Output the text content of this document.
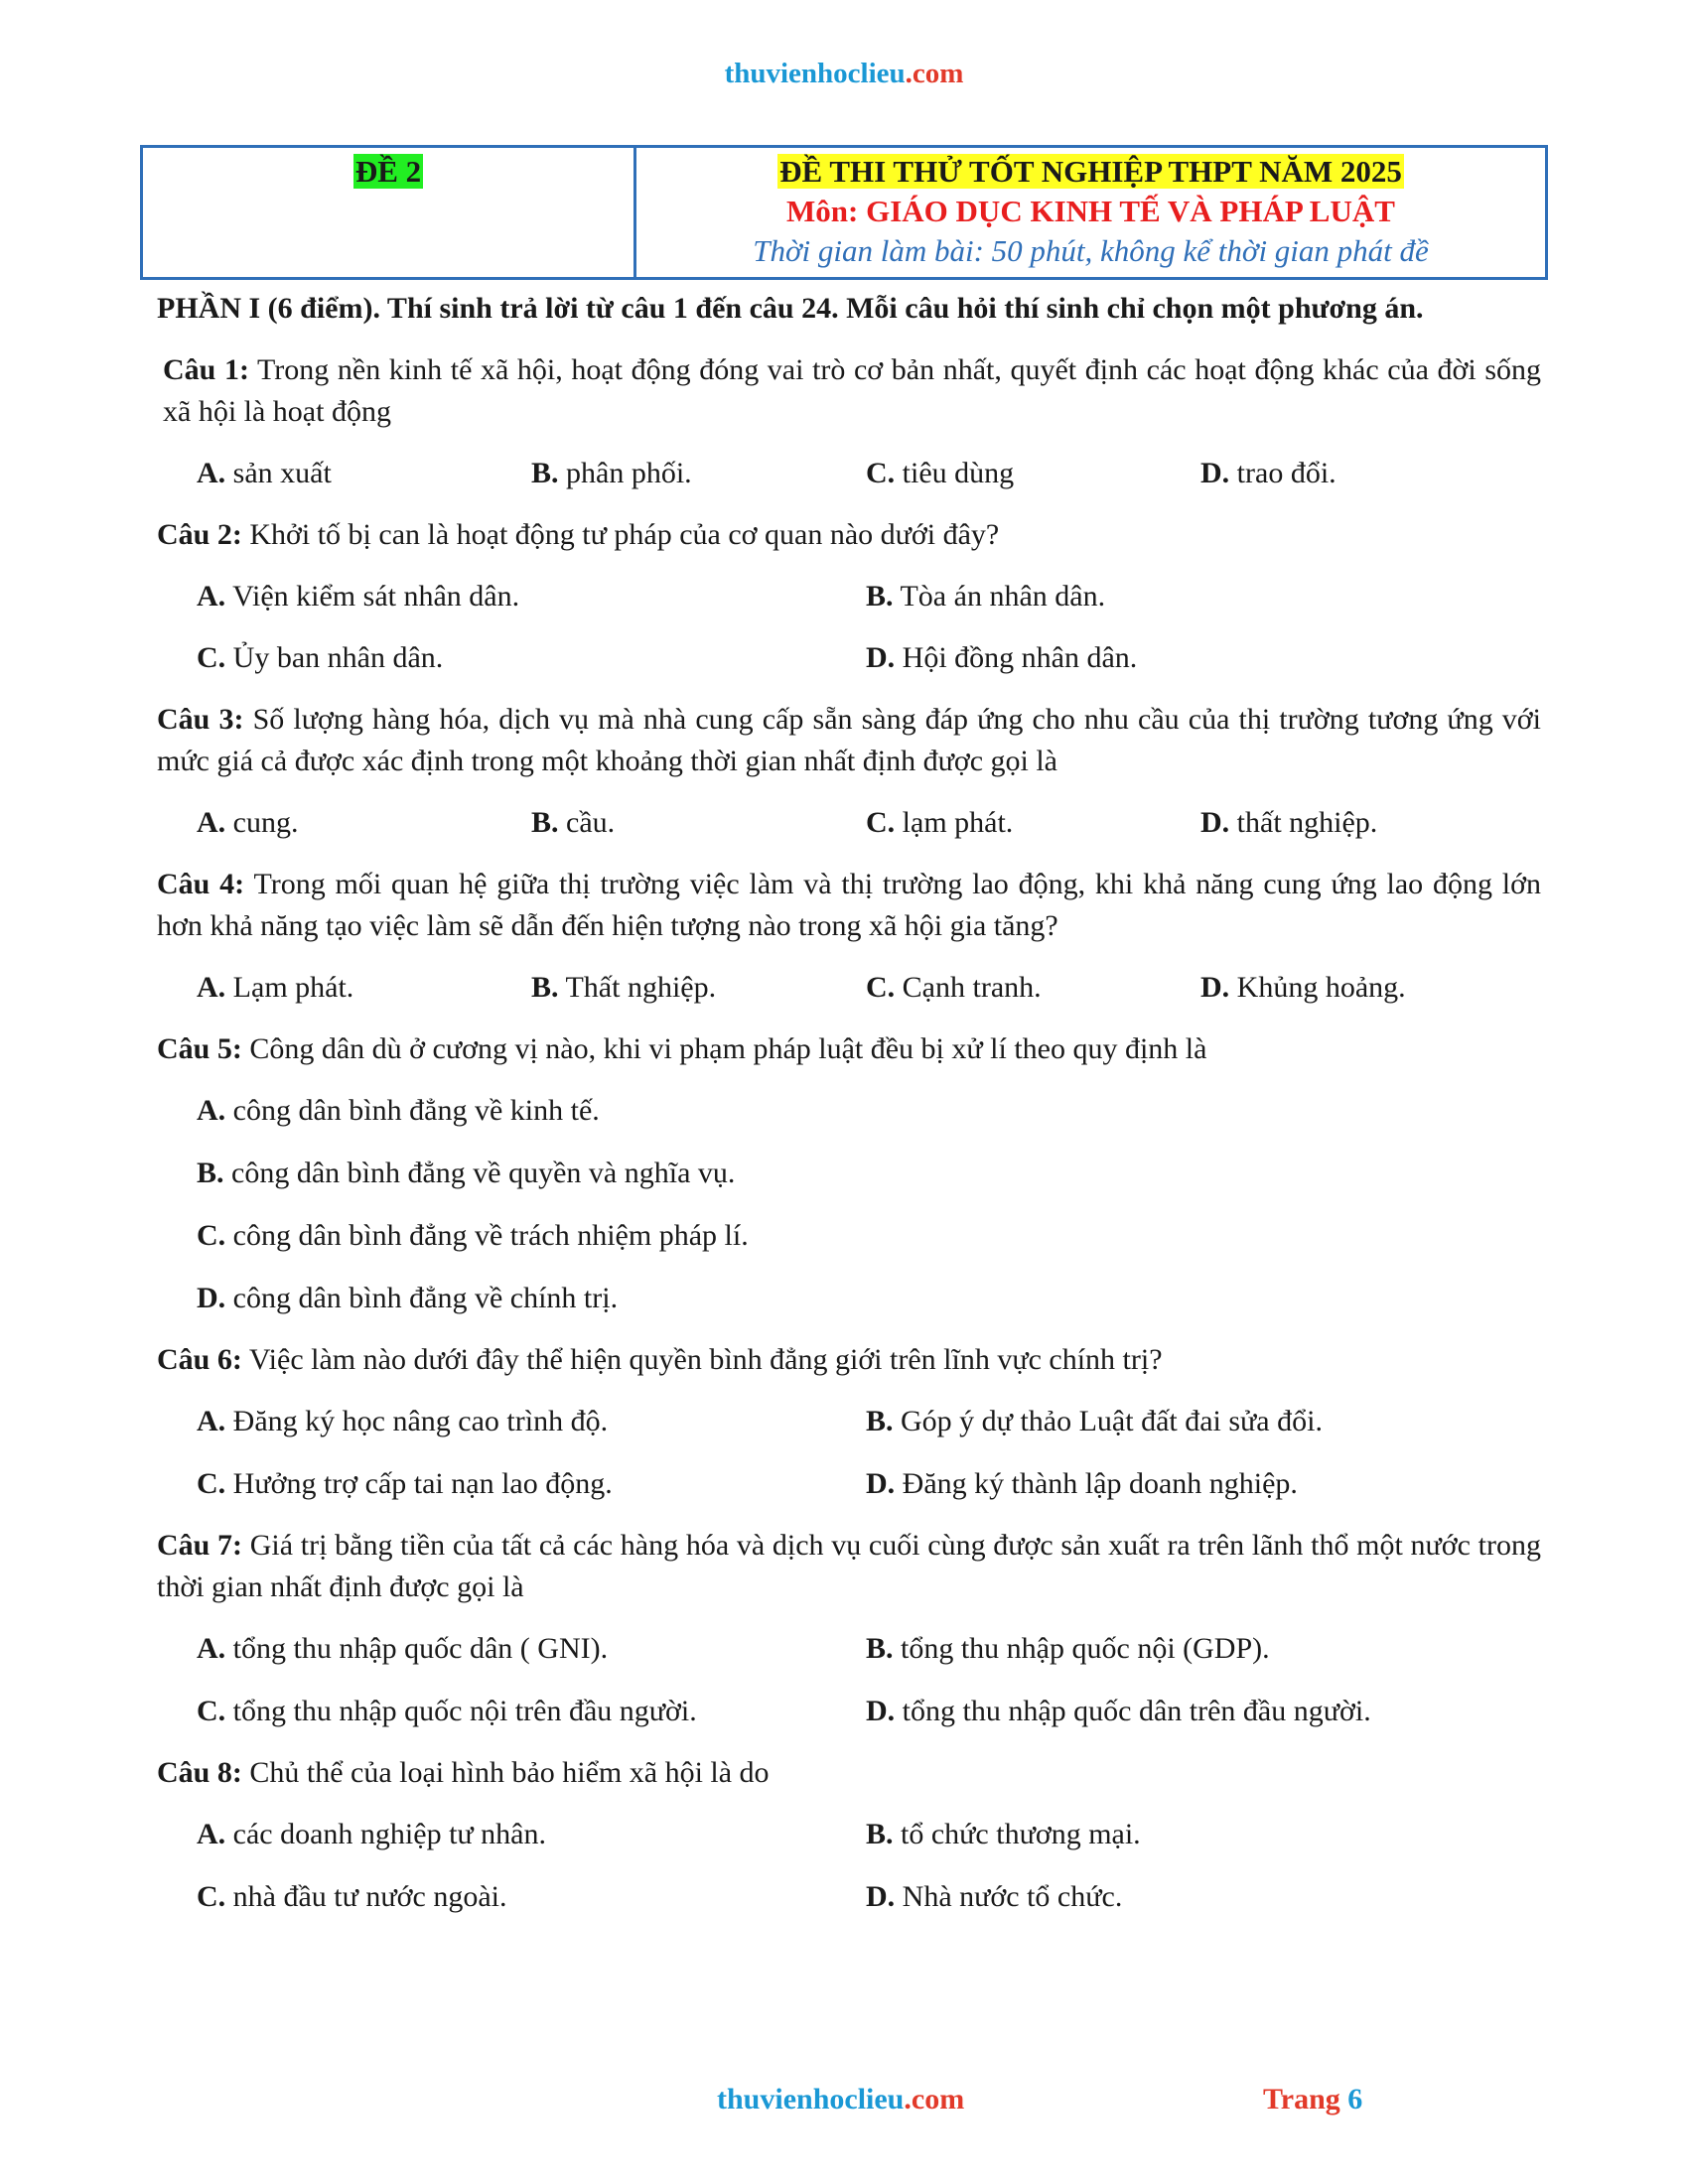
thuvienhoclieu.com
ĐỀ 2	ĐỀ THI THỬ TỐT NGHIỆP THPT NĂM 2025
Môn: GIÁO DỤC KINH TẾ VÀ PHÁP LUẬT
Thời gian làm bài: 50 phút, không kể thời gian phát đề

PHẦN I (6 điểm). Thí sinh trả lời từ câu 1 đến câu 24. Mỗi câu hỏi thí sinh chỉ chọn một phương án.

Câu 1: Trong nền kinh tế xã hội, hoạt động đóng vai trò cơ bản nhất, quyết định các hoạt động khác của đời sống xã hội là hoạt động

A. sản xuất	B. phân phối.	C. tiêu dùng	D. trao đổi.

Câu 2: Khởi tố bị can là hoạt động tư pháp của cơ quan nào dưới đây?

A. Viện kiểm sát nhân dân.	B. Tòa án nhân dân.
C. Ủy ban nhân dân.	D. Hội đồng nhân dân.

Câu 3: Số lượng hàng hóa, dịch vụ mà nhà cung cấp sẵn sàng đáp ứng cho nhu cầu của thị trường tương ứng với mức giá cả được xác định trong một khoảng thời gian nhất định được gọi là

A. cung.	B. cầu.	C. lạm phát.	D. thất nghiệp.

Câu 4: Trong mối quan hệ giữa thị trường việc làm và thị trường lao động, khi khả năng cung ứng lao động lớn hơn khả năng tạo việc làm sẽ dẫn đến hiện tượng nào trong xã hội gia tăng?

A. Lạm phát.	B. Thất nghiệp.	C. Cạnh tranh.	D. Khủng hoảng.

Câu 5: Công dân dù ở cương vị nào, khi vi phạm pháp luật đều bị xử lí theo quy định là

A. công dân bình đẳng về kinh tế.
B. công dân bình đẳng về quyền và nghĩa vụ.
C. công dân bình đẳng về trách nhiệm pháp lí.
D. công dân bình đẳng về chính trị.

Câu 6: Việc làm nào dưới đây thể hiện quyền bình đẳng giới trên lĩnh vực chính trị?

A. Đăng ký học nâng cao trình độ.	B. Góp ý dự thảo Luật đất đai sửa đổi.
C. Hưởng trợ cấp tai nạn lao động.	D. Đăng ký thành lập doanh nghiệp.

Câu 7: Giá trị bằng tiền của tất cả các hàng hóa và dịch vụ cuối cùng được sản xuất ra trên lãnh thổ một nước trong thời gian nhất định được gọi là

A. tổng thu nhập quốc dân ( GNI).	B. tổng thu nhập quốc nội (GDP).
C. tổng thu nhập quốc nội trên đầu người.	D. tổng thu nhập quốc dân trên đầu người.

Câu 8: Chủ thể của loại hình bảo hiểm xã hội là do

A. các doanh nghiệp tư nhân.	B. tổ chức thương mại.
C. nhà đầu tư nước ngoài.	D. Nhà nước tổ chức.
thuvienhoclieu.com	Trang 6
